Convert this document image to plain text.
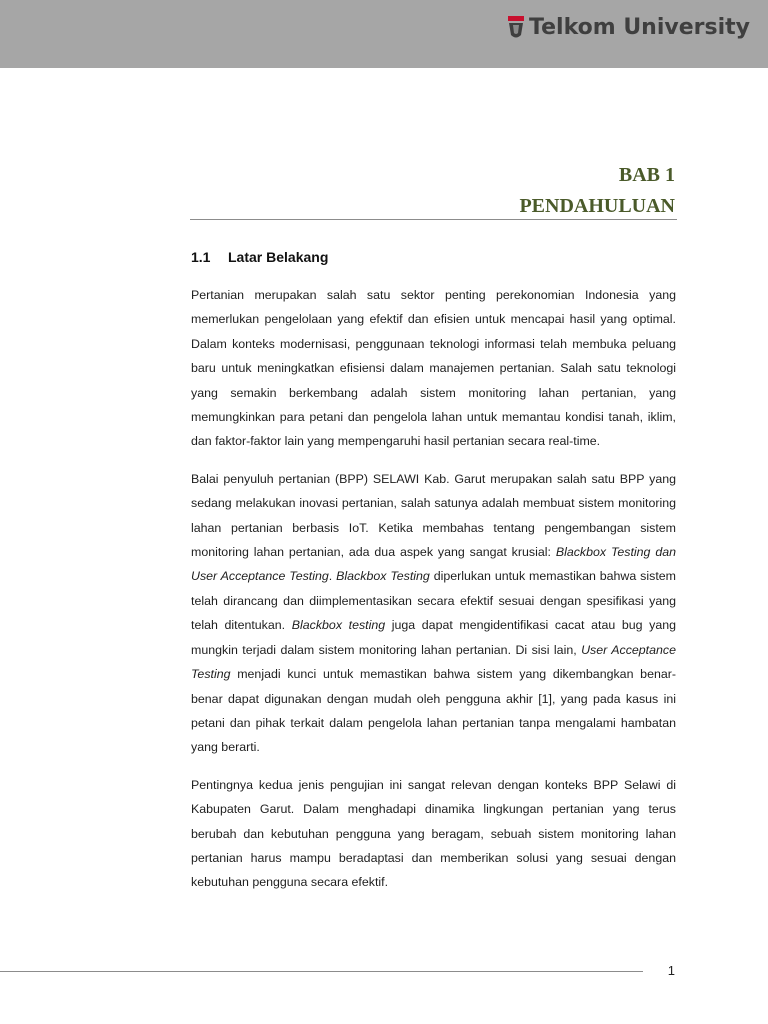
Telkom University
BAB 1
PENDAHULUAN
1.1 Latar Belakang

Pertanian merupakan salah satu sektor penting perekonomian Indonesia yang memerlukan pengelolaan yang efektif dan efisien untuk mencapai hasil yang optimal. Dalam konteks modernisasi, penggunaan teknologi informasi telah membuka peluang baru untuk meningkatkan efisiensi dalam manajemen pertanian. Salah satu teknologi yang semakin berkembang adalah sistem monitoring lahan pertanian, yang memungkinkan para petani dan pengelola lahan untuk memantau kondisi tanah, iklim, dan faktor-faktor lain yang mempengaruhi hasil pertanian secara real-time.

Balai penyuluh pertanian (BPP) SELAWI Kab. Garut merupakan salah satu BPP yang sedang melakukan inovasi pertanian, salah satunya adalah membuat sistem monitoring lahan pertanian berbasis IoT. Ketika membahas tentang pengembangan sistem monitoring lahan pertanian, ada dua aspek yang sangat krusial: Blackbox Testing dan User Acceptance Testing. Blackbox Testing diperlukan untuk memastikan bahwa sistem telah dirancang dan diimplementasikan secara efektif sesuai dengan spesifikasi yang telah ditentukan. Blackbox testing juga dapat mengidentifikasi cacat atau bug yang mungkin terjadi dalam sistem monitoring lahan pertanian. Di sisi lain, User Acceptance Testing menjadi kunci untuk memastikan bahwa sistem yang dikembangkan benar-benar dapat digunakan dengan mudah oleh pengguna akhir [1], yang pada kasus ini petani dan pihak terkait dalam pengelola lahan pertanian tanpa mengalami hambatan yang berarti.

Pentingnya kedua jenis pengujian ini sangat relevan dengan konteks BPP Selawi di Kabupaten Garut. Dalam menghadapi dinamika lingkungan pertanian yang terus berubah dan kebutuhan pengguna yang beragam, sebuah sistem monitoring lahan pertanian harus mampu beradaptasi dan memberikan solusi yang sesuai dengan kebutuhan pengguna secara efektif.

1
